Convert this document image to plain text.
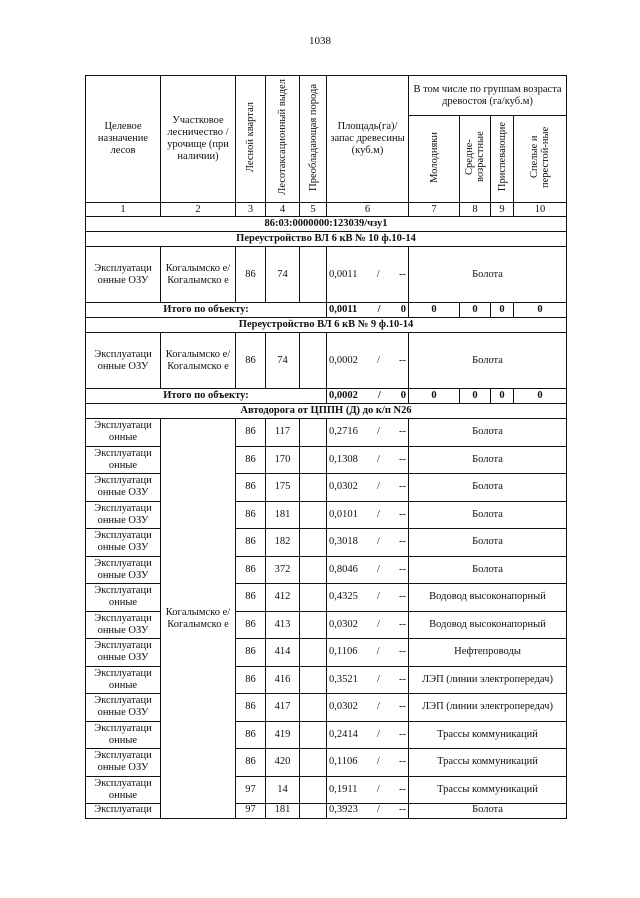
1038
Целевое назначение лесов	Участковое лесничество /урочище (при наличии)	Лесной квартал	Лесотаксационный выдел	Преобладающая порода	Площадь(га)/ запас древесины (куб.м)	В том числе по группам возраста древостоя (га/куб.м)			
						Молодняки	Средне-возрастные	Приспевающие	Спелые и перестой-ные
1	2	3	4	5	6	7	8	9	10
86:03:0000000:123039/чзу1									
Переустройство ВЛ 6 кВ № 10 ф.10-14									
Эксплуатаци онные ОЗУ	Когалымско е/ Когалымско е	86	74		0,0011 / --	Болота			
Итого по объекту:					0,0011 / 0	0	0	0	0
Переустройство ВЛ 6 кВ № 9 ф.10-14									
Эксплуатаци онные ОЗУ	Когалымско е/ Когалымско е	86	74		0,0002 / --	Болота			
Итого по объекту:					0,0002 / 0	0	0	0	0
Автодорога от ЦППН (Д) до к/п N26									
Эксплуатаци онные	Когалымско е/ Когалымско е	86	117		0,2716 / --	Болота			
Эксплуатаци онные		86	170		0,1308 / --	Болота			
Эксплуатаци онные ОЗУ		86	175		0,0302 / --	Болота			
Эксплуатаци онные ОЗУ		86	181		0,0101 / --	Болота			
Эксплуатаци онные ОЗУ		86	182		0,3018 / --	Болота			
Эксплуатаци онные ОЗУ		86	372		0,8046 / --	Болота			
Эксплуатаци онные		86	412		0,4325 / --	Водовод высоконапорный			
Эксплуатаци онные ОЗУ		86	413		0,0302 / --	Водовод высоконапорный			
Эксплуатаци онные ОЗУ		86	414		0,1106 / --	Нефтепроводы			
Эксплуатаци онные		86	416		0,3521 / --	ЛЭП (линии электропередач)			
Эксплуатаци онные ОЗУ		86	417		0,0302 / --	ЛЭП (линии электропередач)			
Эксплуатаци онные		86	419		0,2414 / --	Трассы коммуникаций			
Эксплуатаци онные ОЗУ		86	420		0,1106 / --	Трассы коммуникаций			
Эксплуатаци онные		97	14		0,1911 / --	Трассы коммуникаций			
Эксплуатаци		97	181		0,3923 / --	Болота			
